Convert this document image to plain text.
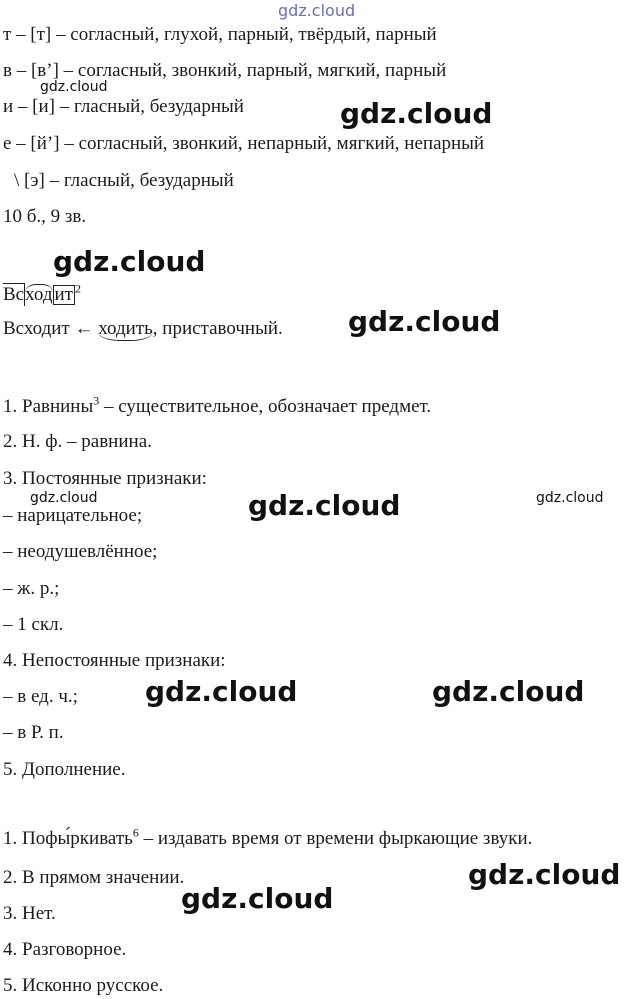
gdz.cloud
gdz.cloud
gdz.cloud
gdz.cloud
gdz.cloud
gdz.cloud	gdz.cloud	gdz.cloud
gdz.cloud	gdz.cloud
gdz.cloud
gdz.cloud
т – [т] – согласный, глухой, парный, твёрдый, парный
в – [в’] – согласный, звонкий, парный, мягкий, парный
и – [и] – гласный, безударный
е – [й’] – согласный, звонкий, непарный, мягкий, непарный
\ [э] – гласный, безударный
10 б., 9 зв.
Всход ит $^2$
Всходит ← ходить, приставочный.
1. Равнины$^3$ – существительное, обозначает предмет.
2. Н. ф. – равнина.
3. Постоянные признаки:
– нарицательное;
– неодушевлённое;
– ж. р.;
– 1 скл.
4. Непостоянные признаки:
– в ед. ч.;
– в Р. п.
5. Дополнение.
1. Пофы́ркивать$^6$ – издавать время от времени фыркающие звуки.
2. В прямом значении.
3. Нет.
4. Разговорное.
5. Исконно русское.
